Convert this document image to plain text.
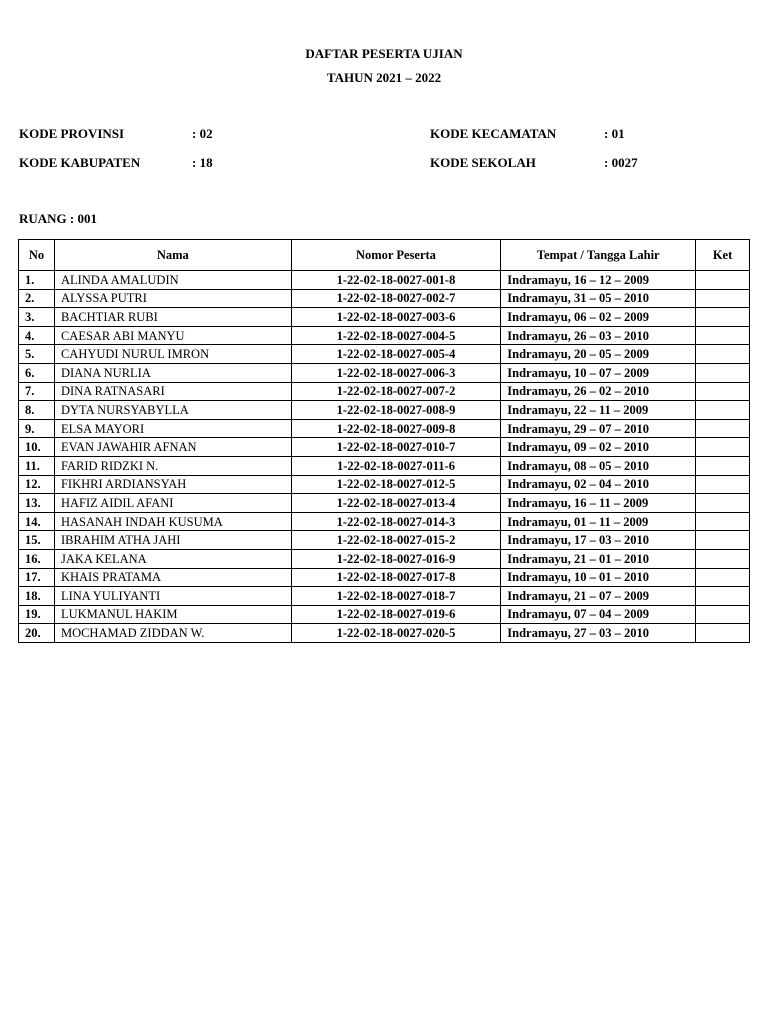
DAFTAR PESERTA UJIAN
TAHUN 2021 – 2022
KODE PROVINSI	: 02
KODE KABUPATEN	: 18
KODE KECAMATAN	: 01
KODE SEKOLAH	: 0027
RUANG : 001
No	Nama	Nomor Peserta	Tempat / Tangga Lahir	Ket
1.	ALINDA AMALUDIN	1-22-02-18-0027-001-8	Indramayu, 16 – 12 – 2009	
2.	ALYSSA PUTRI	1-22-02-18-0027-002-7	Indramayu, 31 – 05 – 2010	
3.	BACHTIAR RUBI	1-22-02-18-0027-003-6	Indramayu, 06 – 02 – 2009	
4.	CAESAR ABI MANYU	1-22-02-18-0027-004-5	Indramayu, 26 – 03 – 2010	
5.	CAHYUDI NURUL IMRON	1-22-02-18-0027-005-4	Indramayu, 20 – 05 – 2009	
6.	DIANA NURLIA	1-22-02-18-0027-006-3	Indramayu, 10 – 07 – 2009	
7.	DINA RATNASARI	1-22-02-18-0027-007-2	Indramayu, 26 – 02 – 2010	
8.	DYTA NURSYABYLLA	1-22-02-18-0027-008-9	Indramayu, 22 – 11 – 2009	
9.	ELSA MAYORI	1-22-02-18-0027-009-8	Indramayu, 29 – 07 – 2010	
10.	EVAN JAWAHIR AFNAN	1-22-02-18-0027-010-7	Indramayu, 09 – 02 – 2010	
11.	FARID RIDZKI N.	1-22-02-18-0027-011-6	Indramayu, 08 – 05 – 2010	
12.	FIKHRI ARDIANSYAH	1-22-02-18-0027-012-5	Indramayu, 02 – 04 – 2010	
13.	HAFIZ AIDIL AFANI	1-22-02-18-0027-013-4	Indramayu, 16 – 11 – 2009	
14.	HASANAH INDAH KUSUMA	1-22-02-18-0027-014-3	Indramayu, 01 – 11 – 2009	
15.	IBRAHIM ATHA JAHI	1-22-02-18-0027-015-2	Indramayu, 17 – 03 – 2010	
16.	JAKA KELANA	1-22-02-18-0027-016-9	Indramayu, 21 – 01 – 2010	
17.	KHAIS PRATAMA	1-22-02-18-0027-017-8	Indramayu, 10 – 01 – 2010	
18.	LINA YULIYANTI	1-22-02-18-0027-018-7	Indramayu, 21 – 07 – 2009	
19.	LUKMANUL HAKIM	1-22-02-18-0027-019-6	Indramayu, 07 – 04 – 2009	
20.	MOCHAMAD ZIDDAN W.	1-22-02-18-0027-020-5	Indramayu, 27 – 03 – 2010	
